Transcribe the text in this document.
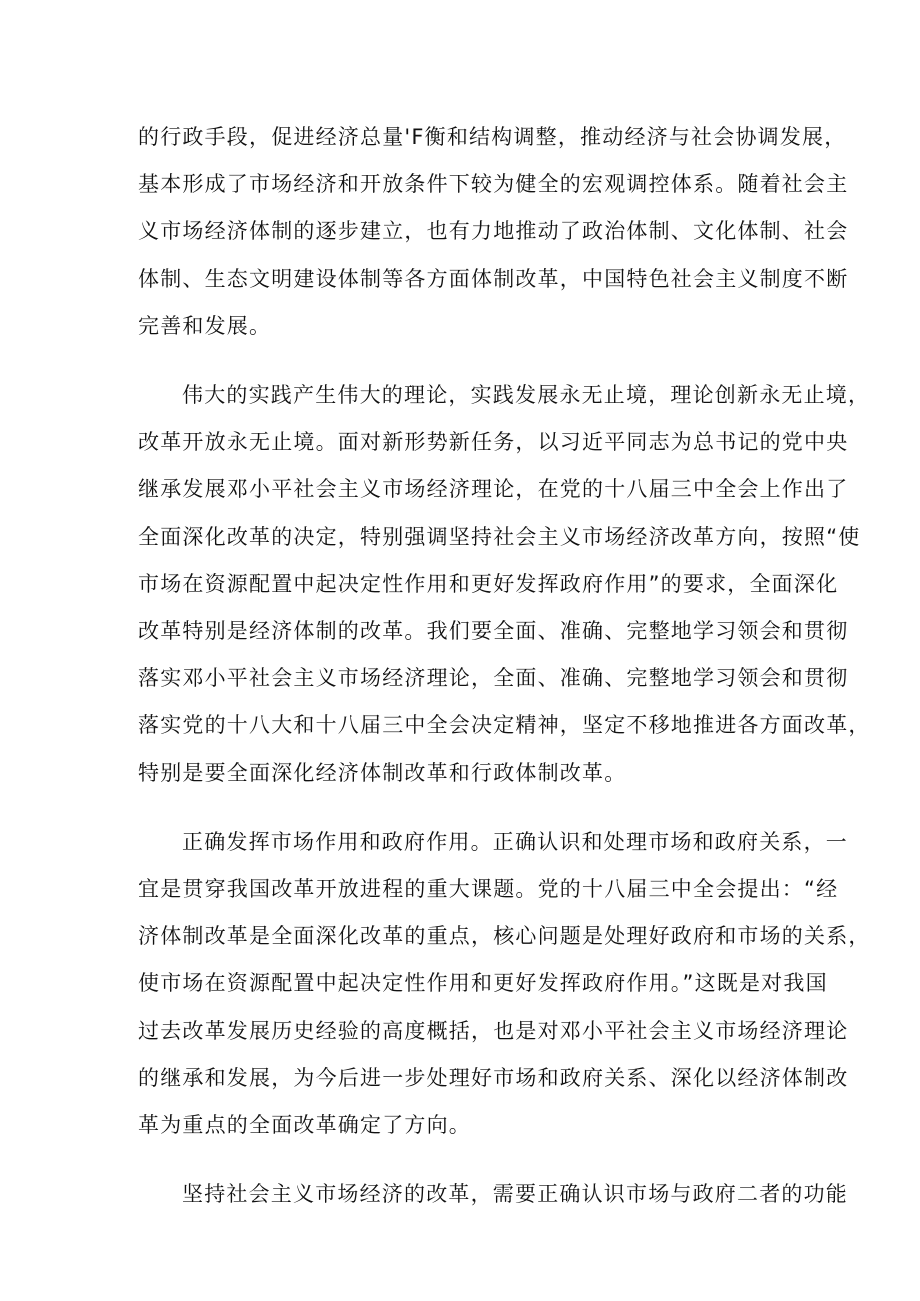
的行政手段，促进经济总量'F衡和结构调整，推动经济与社会协调发展，
基本形成了市场经济和开放条件下较为健全的宏观调控体系。随着社会主
义市场经济体制的逐步建立，也有力地推动了政治体制、文化体制、社会
体制、生态文明建设体制等各方面体制改革，中国特色社会主义制度不断
完善和发展。
伟大的实践产生伟大的理论，实践发展永无止境，理论创新永无止境，
改革开放永无止境。面对新形势新任务，以习近平同志为总书记的党中央
继承发展邓小平社会主义市场经济理论，在党的十八届三中全会上作出了
全面深化改革的决定，特别强调坚持社会主义市场经济改革方向，按照“使
市场在资源配置中起决定性作用和更好发挥政府作用”的要求，全面深化
改革特别是经济体制的改革。我们要全面、准确、完整地学习领会和贯彻
落实邓小平社会主义市场经济理论，全面、准确、完整地学习领会和贯彻
落实党的十八大和十八届三中全会决定精神，坚定不移地推进各方面改革，
特别是要全面深化经济体制改革和行政体制改革。
正确发挥市场作用和政府作用。正确认识和处理市场和政府关系，一
宜是贯穿我国改革开放进程的重大课题。党的十八届三中全会提出：“经
济体制改革是全面深化改革的重点，核心问题是处理好政府和市场的关系，
使市场在资源配置中起决定性作用和更好发挥政府作用。”这既是对我国
过去改革发展历史经验的高度概括，也是对邓小平社会主义市场经济理论
的继承和发展，为今后进一步处理好市场和政府关系、深化以经济体制改
革为重点的全面改革确定了方向。
坚持社会主义市场经济的改革，需要正确认识市场与政府二者的功能
